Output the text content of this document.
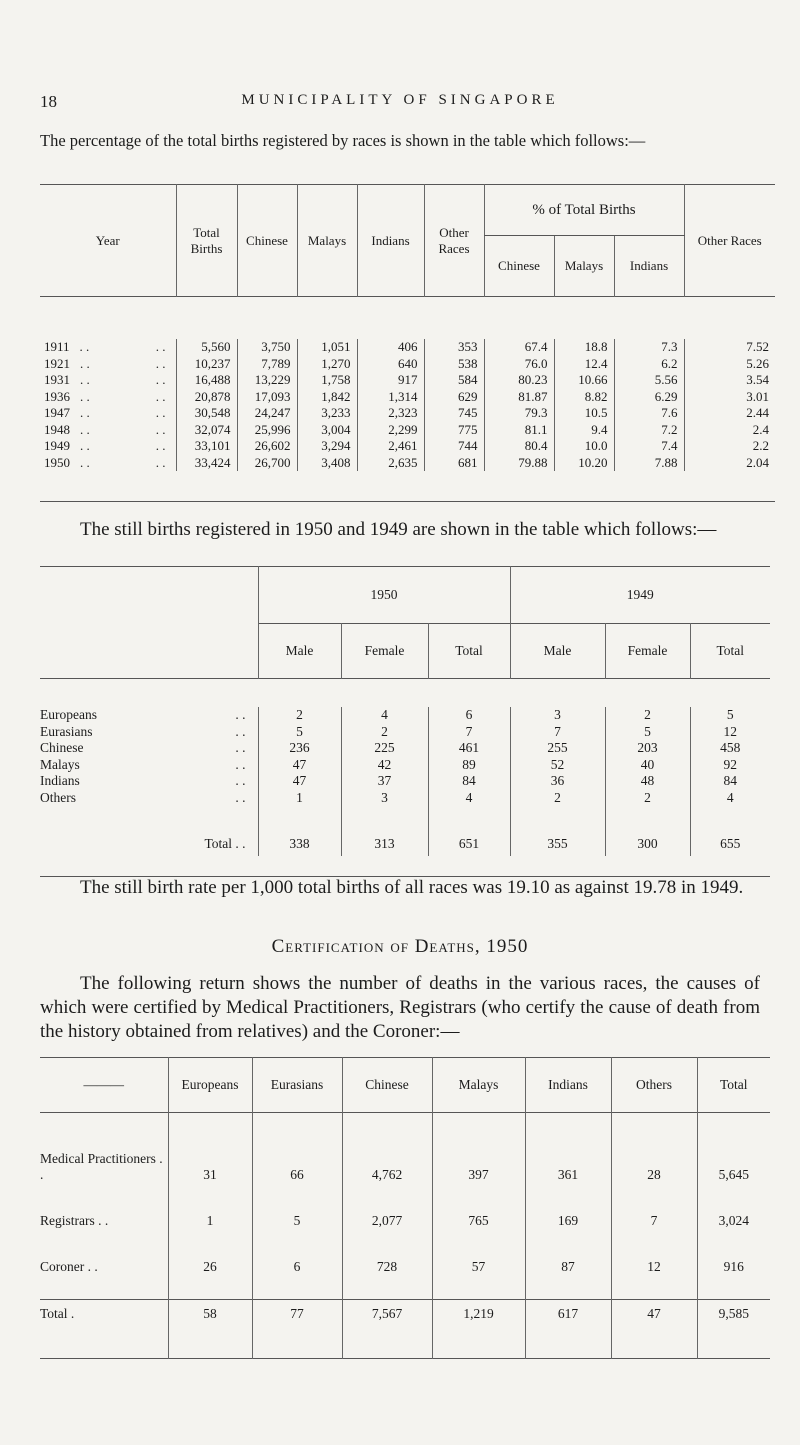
18	MUNICIPALITY OF SINGAPORE

The percentage of the total births registered by races is shown in the table which follows:—

Year	Total Births	Chinese	Malays	Indians	Other Races	% of Total Births			Other Races
						Chinese	Malays	Indians	

1911 . . . .	5,560	3,750	1,051	406	353	67.4	18.8	7.3	7.52
1921 . . . .	10,237	7,789	1,270	640	538	76.0	12.4	6.2	5.26
1931 . . . .	16,488	13,229	1,758	917	584	80.23	10.66	5.56	3.54
1936 . . . .	20,878	17,093	1,842	1,314	629	81.87	8.82	6.29	3.01
1947 . . . .	30,548	24,247	3,233	2,323	745	79.3	10.5	7.6	2.44
1948 . . . .	32,074	25,996	3,004	2,299	775	81.1	9.4	7.2	2.4
1949 . . . .	33,101	26,602	3,294	2,461	744	80.4	10.0	7.4	2.2
1950 . . . .	33,424	26,700	3,408	2,635	681	79.88	10.20	7.88	2.04

The still births registered in 1950 and 1949 are shown in the table which follows:—

	1950			1949		
	Male	Female	Total	Male	Female	Total

Europeans . .	2	4	6	3	2	5
Eurasians . .	5	2	7	7	5	12
Chinese . .	236	225	461	255	203	458
Malays . .	47	42	89	52	40	92
Indians . .	47	37	84	36	48	84
Others . .	1	3	4	2	2	4
Total . .	338	313	651	355	300	655

The still birth rate per 1,000 total births of all races was 19.10 as against 19.78 in 1949.

Certification of Deaths, 1950

The following return shows the number of deaths in the various races, the causes of which were certified by Medical Practitioners, Registrars (who certify the cause of death from the history obtained from relatives) and the Coroner:—

———	Europeans	Eurasians	Chinese	Malays	Indians	Others	Total
Medical Practitioners . .	31	66	4,762	397	361	28	5,645
Registrars . .	1	5	2,077	765	169	7	3,024
Coroner . .	26	6	728	57	87	12	916

Total .	58	77	7,567	1,219	617	47	9,585
